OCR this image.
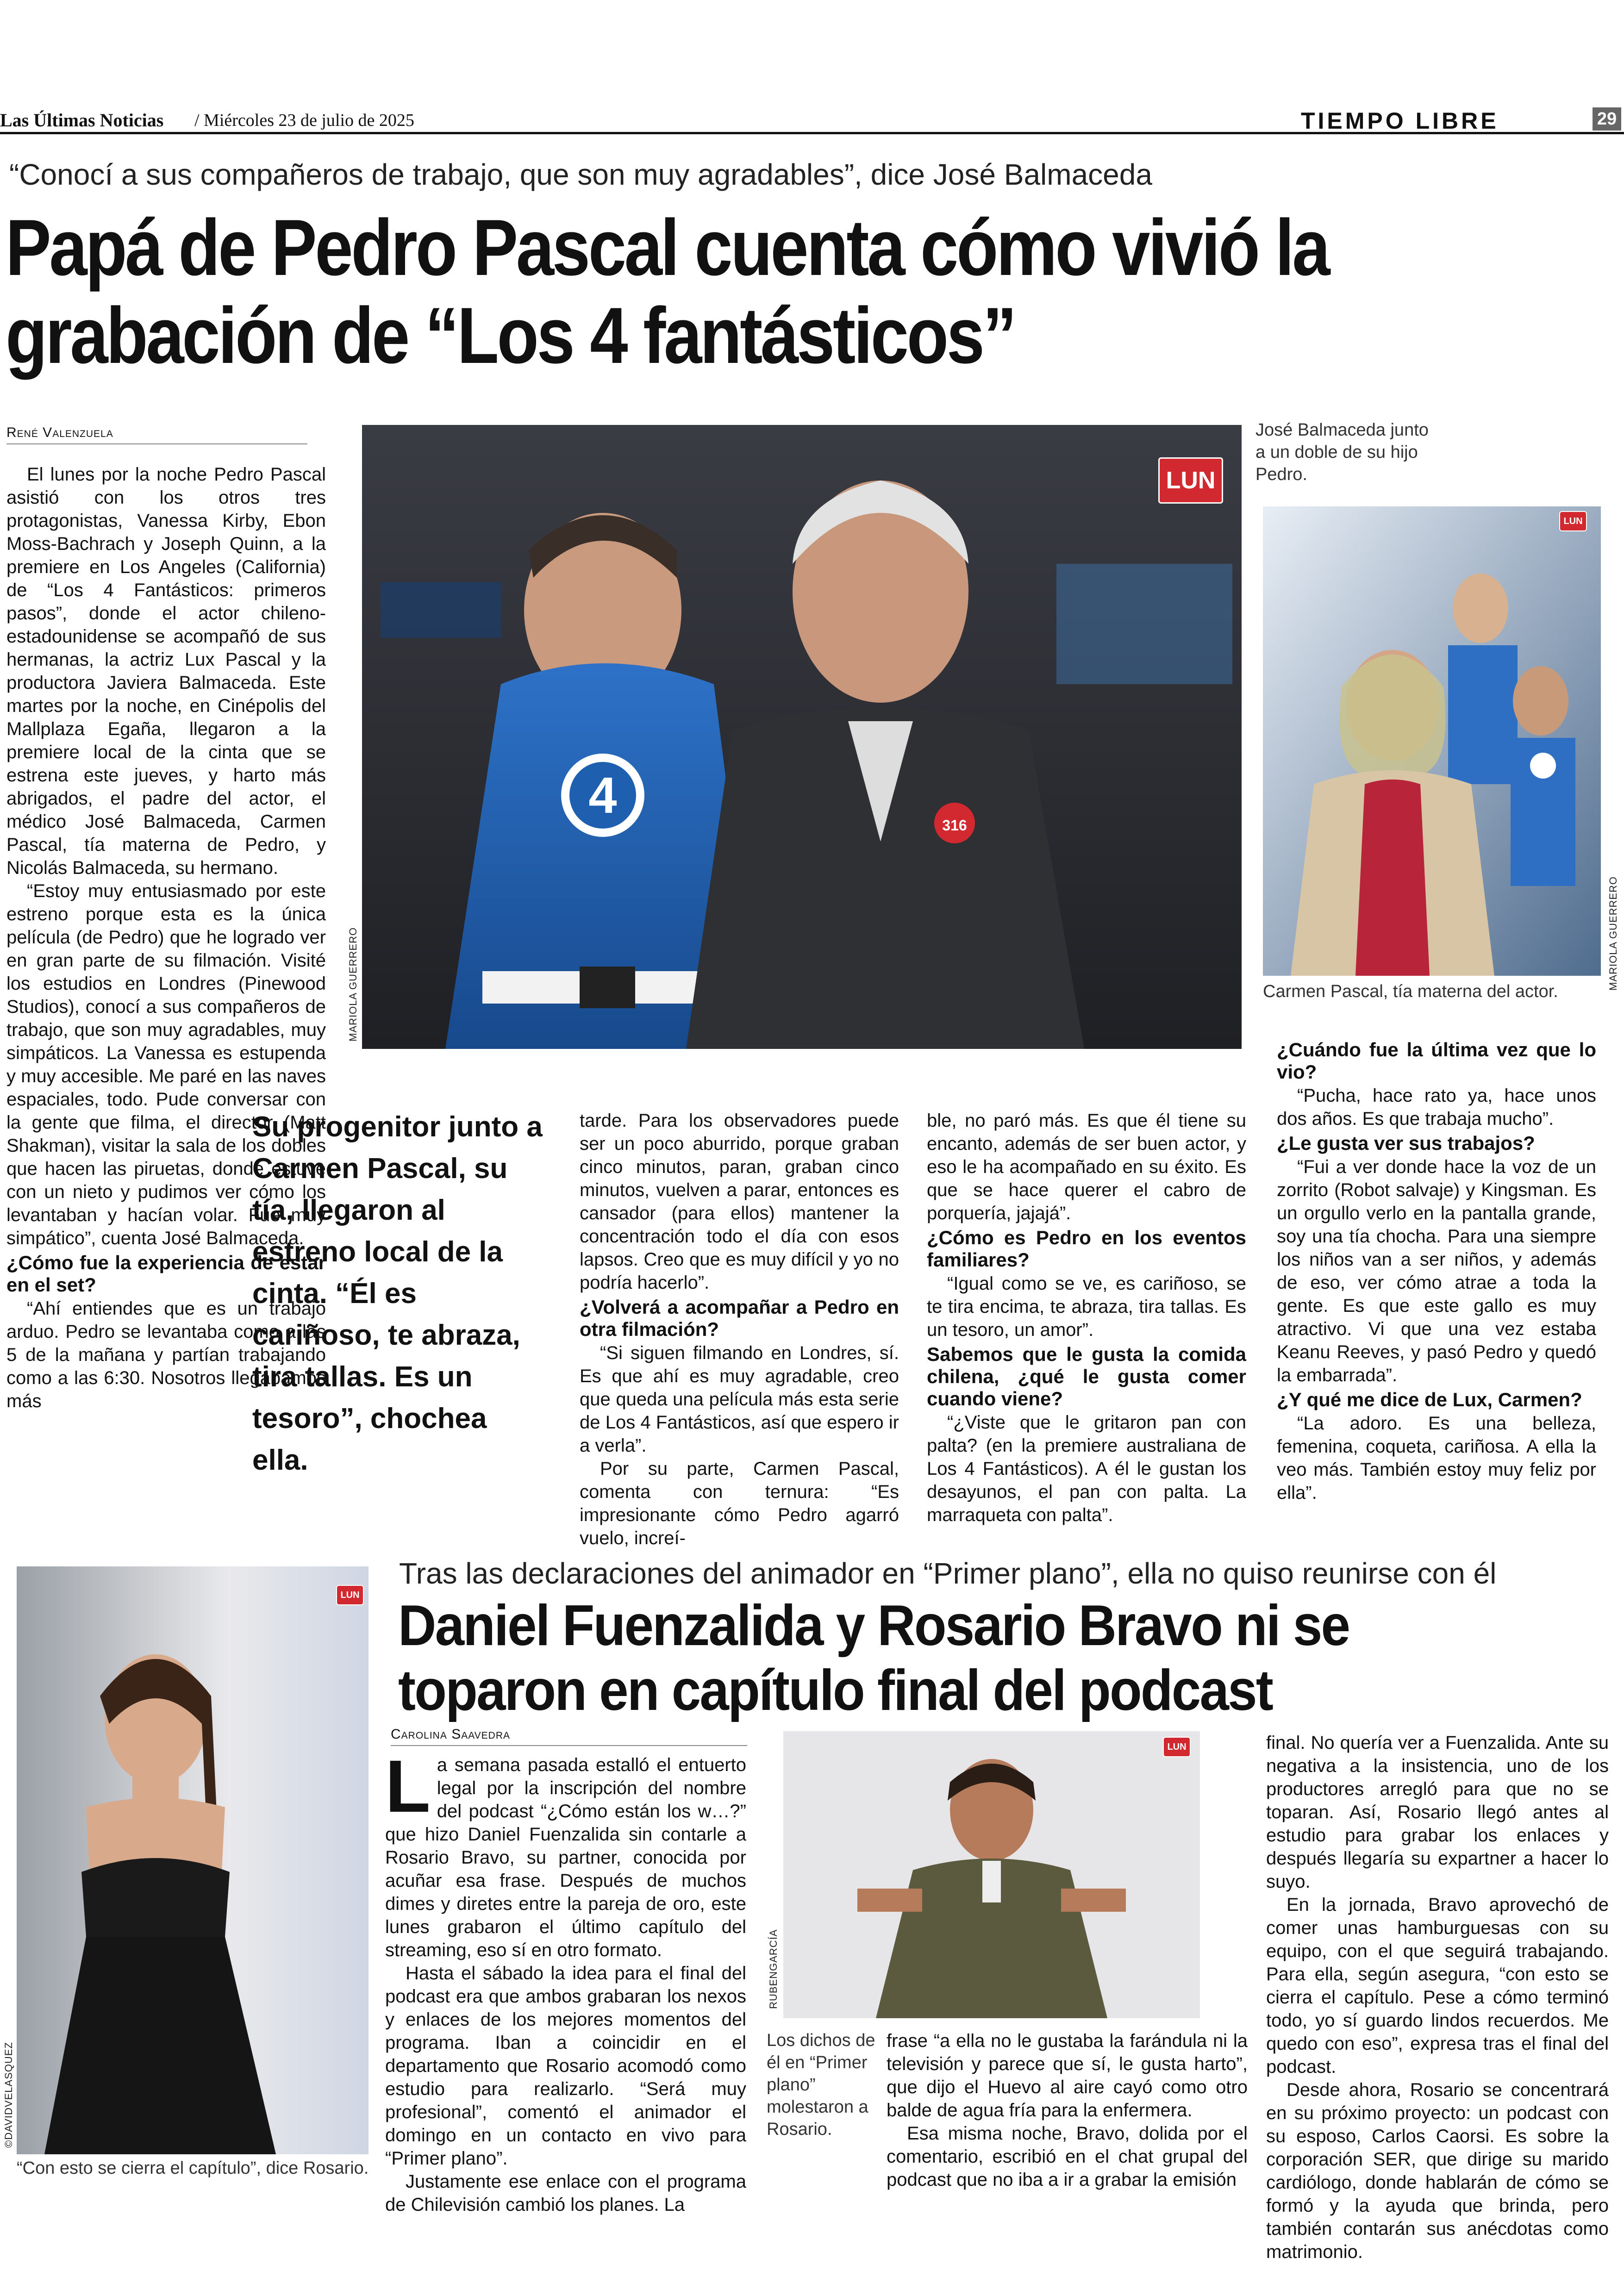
Las Últimas Noticias / Miércoles 23 de julio de 2025	TIEMPO LIBRE	29
“Conocí a sus compañeros de trabajo, que son muy agradables”, dice José Balmaceda
Papá de Pedro Pascal cuenta cómo vivió la grabación de “Los 4 fantásticos”
René Valenzuela

El lunes por la noche Pedro Pascal asistió con los otros tres protagonistas, Vanessa Kirby, Ebon Moss-Bachrach y Joseph Quinn, a la premiere en Los Angeles (California) de “Los 4 Fantásticos: primeros pasos”, donde el actor chileno-estadounidense se acompañó de sus hermanas, la actriz Lux Pascal y la productora Javiera Balmaceda. Este martes por la noche, en Cinépolis del Mallplaza Egaña, llegaron a la premiere local de la cinta que se estrena este jueves, y harto más abrigados, el padre del actor, el médico José Balmaceda, Carmen Pascal, tía materna de Pedro, y Nicolás Balmaceda, su hermano.

“Estoy muy entusiasmado por este estreno porque esta es la única película (de Pedro) que he logrado ver en gran parte de su filmación. Visité los estudios en Londres (Pinewood Studios), conocí a sus compañeros de trabajo, que son muy agradables, muy simpáticos. La Vanessa es estupenda y muy accesible. Me paré en las naves espaciales, todo. Pude conversar con la gente que filma, el director (Matt Shakman), visitar la sala de los dobles que hacen las piruetas, donde estuve con un nieto y pudimos ver cómo los levantaban y hacían volar. Fue muy simpático”, cuenta José Balmaceda.

¿Cómo fue la experiencia de estar en el set?

“Ahí entiendes que es un trabajo arduo. Pedro se levantaba como a las 5 de la mañana y partían trabajando como a las 6:30. Nosotros llegábamos más

4
316
LUN
MARIOLA GUERRERO
José Balmaceda junto a un doble de su hijo Pedro.
LUN
MARIOLA GUERRERO
Carmen Pascal, tía materna del actor.
Su progenitor junto a Carmen Pascal, su tía, llegaron al estreno local de la cinta. “Él es cariñoso, te abraza, tira tallas. Es un tesoro”, chochea ella.

tarde. Para los observadores puede ser un poco aburrido, porque graban cinco minutos, paran, graban cinco minutos, vuelven a parar, entonces es cansador (para ellos) mantener la concentración todo el día con esos lapsos. Creo que es muy difícil y yo no podría hacerlo”.

¿Volverá a acompañar a Pedro en otra filmación?

“Si siguen filmando en Londres, sí. Es que ahí es muy agradable, creo que queda una película más esta serie de Los 4 Fantásticos, así que espero ir a verla”.

Por su parte, Carmen Pascal, comenta con ternura: “Es impresionante cómo Pedro agarró vuelo, increí-

ble, no paró más. Es que él tiene su encanto, además de ser buen actor, y eso le ha acompañado en su éxito. Es que se hace querer el cabro de porquería, jajajá”.

¿Cómo es Pedro en los eventos familiares?

“Igual como se ve, es cariñoso, se te tira encima, te abraza, tira tallas. Es un tesoro, un amor”.

Sabemos que le gusta la comida chilena, ¿qué le gusta comer cuando viene?

“¿Viste que le gritaron pan con palta? (en la premiere australiana de Los 4 Fantásticos). A él le gustan los desayunos, el pan con palta. La marraqueta con palta”.

¿Cuándo fue la última vez que lo vio?

“Pucha, hace rato ya, hace unos dos años. Es que trabaja mucho”.

¿Le gusta ver sus trabajos?

“Fui a ver donde hace la voz de un zorrito (Robot salvaje) y Kingsman. Es un orgullo verlo en la pantalla grande, soy una tía chocha. Para una siempre los niños van a ser niños, y además de eso, ver cómo atrae a toda la gente. Es que este gallo es muy atractivo. Vi que una vez estaba Keanu Reeves, y pasó Pedro y quedó la embarrada”.

¿Y qué me dice de Lux, Carmen?

“La adoro. Es una belleza, femenina, coqueta, cariñosa. A ella la veo más. También estoy muy feliz por ella”.

LUN
©DAVIDVELASQUEZ
“Con esto se cierra el capítulo”, dice Rosario.
Tras las declaraciones del animador en “Primer plano”, ella no quiso reunirse con él
Daniel Fuenzalida y Rosario Bravo ni se toparon en capítulo final del podcast
Carolina Saavedra
L a semana pasada estalló el entuerto legal por la inscripción del nombre del podcast “¿Cómo están los w…?” que hizo Daniel Fuenzalida sin contarle a Rosario Bravo, su partner, conocida por acuñar esa frase. Después de muchos dimes y diretes entre la pareja de oro, este lunes grabaron el último capítulo del streaming, eso sí en otro formato.

Hasta el sábado la idea para el final del podcast era que ambos grabaran los nexos y enlaces de los mejores momentos del programa. Iban a coincidir en el departamento que Rosario acomodó como estudio para realizarlo. “Será muy profesional”, comentó el animador el domingo en un contacto en vivo para “Primer plano”.

Justamente ese enlace con el programa de Chilevisión cambió los planes. La

LUN
RUBENGARCÍA
Los dichos de él en “Primer plano” molestaron a Rosario.

frase “a ella no le gustaba la farándula ni la televisión y parece que sí, le gusta harto”, que dijo el Huevo al aire cayó como otro balde de agua fría para la enfermera.

Esa misma noche, Bravo, dolida por el comentario, escribió en el chat grupal del podcast que no iba a ir a grabar la emisión

final. No quería ver a Fuenzalida. Ante su negativa a la insistencia, uno de los productores arregló para que no se toparan. Así, Rosario llegó antes al estudio para grabar los enlaces y después llegaría su expartner a hacer lo suyo.

En la jornada, Bravo aprovechó de comer unas hamburguesas con su equipo, con el que seguirá trabajando. Para ella, según asegura, “con esto se cierra el capítulo. Pese a cómo terminó todo, yo sí guardo lindos recuerdos. Me quedo con eso”, expresa tras el final del podcast.

Desde ahora, Rosario se concentrará en su próximo proyecto: un podcast con su esposo, Carlos Caorsi. Es sobre la corporación SER, que dirige su marido cardiólogo, donde hablarán de cómo se formó y la ayuda que brinda, pero también contarán sus anécdotas como matrimonio.
